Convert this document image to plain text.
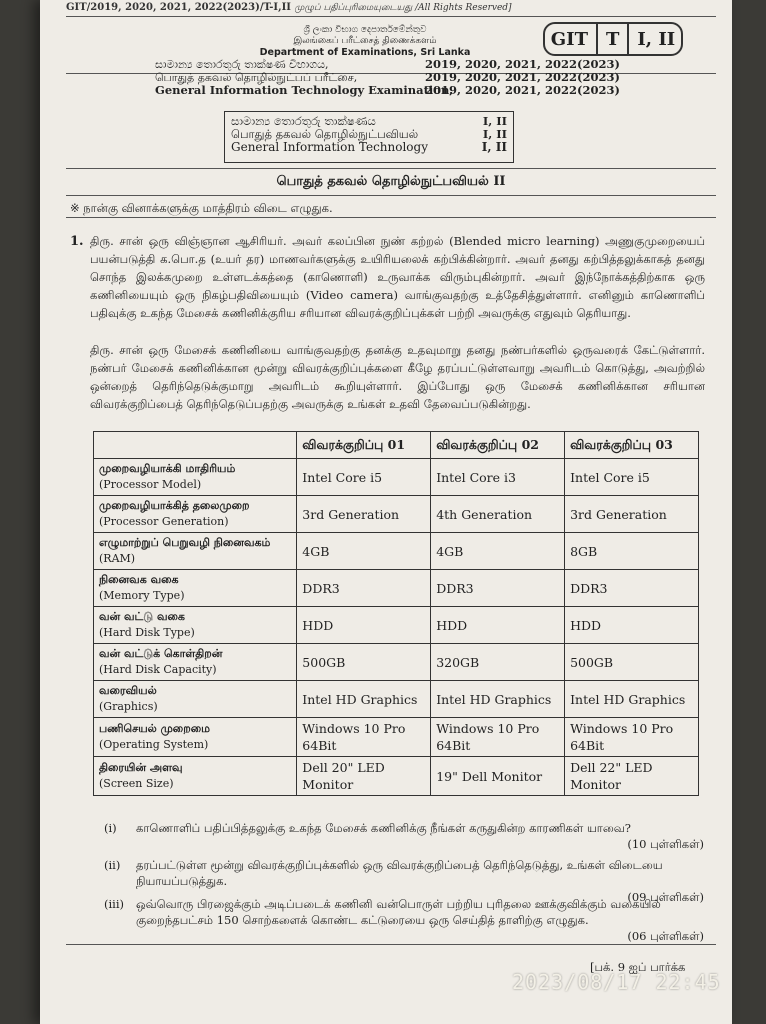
GIT/2019, 2020, 2021, 2022(2023)/T-I,II முழுப் பதிப்புரிமையுடையது /All Rights Reserved]
ශ්‍රී ලංකා විභාග දෙපාර්තමේන්තුව
இலங்கைப் பரீட்சைத் திணைக்களம்
Department of Examinations, Sri Lanka
GIT T I, II
සාමාන්‍ය තොරතුරු තාක්ෂණ විභාගය,
பொதுத் தகவல் தொழில்நுட்பப் பரீட்சை,
General Information Technology Examination,
2019, 2020, 2021, 2022(2023)
2019, 2020, 2021, 2022(2023)
2019, 2020, 2021, 2022(2023)
සාමාන්‍ය තොරතුරු තාක්ෂණය	I, II
பொதுத் தகவல் தொழில்நுட்பவியல்	I, II
General Information Technology	I, II
பொதுத் தகவல் தொழில்நுட்பவியல் II
※ நான்கு வினாக்களுக்கு மாத்திரம் விடை எழுதுக.
1. திரு. சான் ஒரு விஞ்ஞான ஆசிரியர். அவர் கலப்பின நுண் கற்றல் (Blended micro learning) அணுகுமுறையைப் பயன்படுத்தி க.பொ.த (உயர் தர) மாணவர்களுக்கு உயிரியலைக் கற்பிக்கின்றார். அவர் தனது கற்பித்தலுக்காகத் தனது சொந்த இலக்கமுறை உள்ளடக்கத்தை (காணொளி) உருவாக்க விரும்புகின்றார். அவர் இந்நோக்கத்திற்காக ஒரு கணினியையும் ஒரு நிகழ்பதிவியையும் (Video camera) வாங்குவதற்கு உத்தேசித்துள்ளார். எனினும் காணொளிப் பதிவுக்கு உகந்த மேசைக் கணினிக்குரிய சரியான விவரக்குறிப்புக்கள் பற்றி அவருக்கு எதுவும் தெரியாது.
திரு. சான் ஒரு மேசைக் கணினியை வாங்குவதற்கு தனக்கு உதவுமாறு தனது நண்பர்களில் ஒருவரைக் கேட்டுள்ளார். நண்பர் மேசைக் கணினிக்கான மூன்று விவரக்குறிப்புக்களை கீழே தரப்பட்டுள்ளவாறு அவரிடம் கொடுத்து, அவற்றில் ஒன்றைத் தெரிந்தெடுக்குமாறு அவரிடம் கூறியுள்ளார். இப்போது ஒரு மேசைக் கணினிக்கான சரியான விவரக்குறிப்பைத் தெரிந்தெடுப்பதற்கு அவருக்கு உங்கள் உதவி தேவைப்படுகின்றது.
	விவரக்குறிப்பு 01	விவரக்குறிப்பு 02	விவரக்குறிப்பு 03

முறைவழியாக்கி மாதிரியம்
(Processor Model)	Intel Core i5	Intel Core i3	Intel Core i5

முறைவழியாக்கித் தலைமுறை
(Processor Generation)	3rd Generation	4th Generation	3rd Generation

எழுமாற்றுப் பெறுவழி நினைவகம்
(RAM)	4GB	4GB	8GB

நினைவக வகை
(Memory Type)	DDR3	DDR3	DDR3

வன் வட்டு வகை
(Hard Disk Type)	HDD	HDD	HDD

வன் வட்டுக் கொள்திறன்
(Hard Disk Capacity)	500GB	320GB	500GB

வரைவியல்
(Graphics)	Intel HD Graphics	Intel HD Graphics	Intel HD Graphics

பணிசெயல் முறைமை
(Operating System)	Windows 10 Pro 64Bit	Windows 10 Pro 64Bit	Windows 10 Pro 64Bit

திரையின் அளவு
(Screen Size)	Dell 20" LED Monitor	19" Dell Monitor	Dell 22" LED Monitor
(i)	காணொளிப் பதிப்பித்தலுக்கு உகந்த மேசைக் கணினிக்கு நீங்கள் கருதுகின்ற காரணிகள் யாவை?
(10 புள்ளிகள்)
(ii)	தரப்பட்டுள்ள மூன்று விவரக்குறிப்புக்களில் ஒரு விவரக்குறிப்பைத் தெரிந்தெடுத்து, உங்கள் விடையை நியாயப்படுத்துக.
(09 புள்ளிகள்)
(iii)	ஒவ்வொரு பிரஜைக்கும் அடிப்படைக் கணினி வன்பொருள் பற்றிய புரிதலை ஊக்குவிக்கும் வகையில் குறைந்தபட்சம் 150 சொற்களைக் கொண்ட கட்டுரையை ஒரு செய்தித் தாளிற்கு எழுதுக.
(06 புள்ளிகள்)
[பக். 9 ஐப் பார்க்க
2023/08/17 22:45
